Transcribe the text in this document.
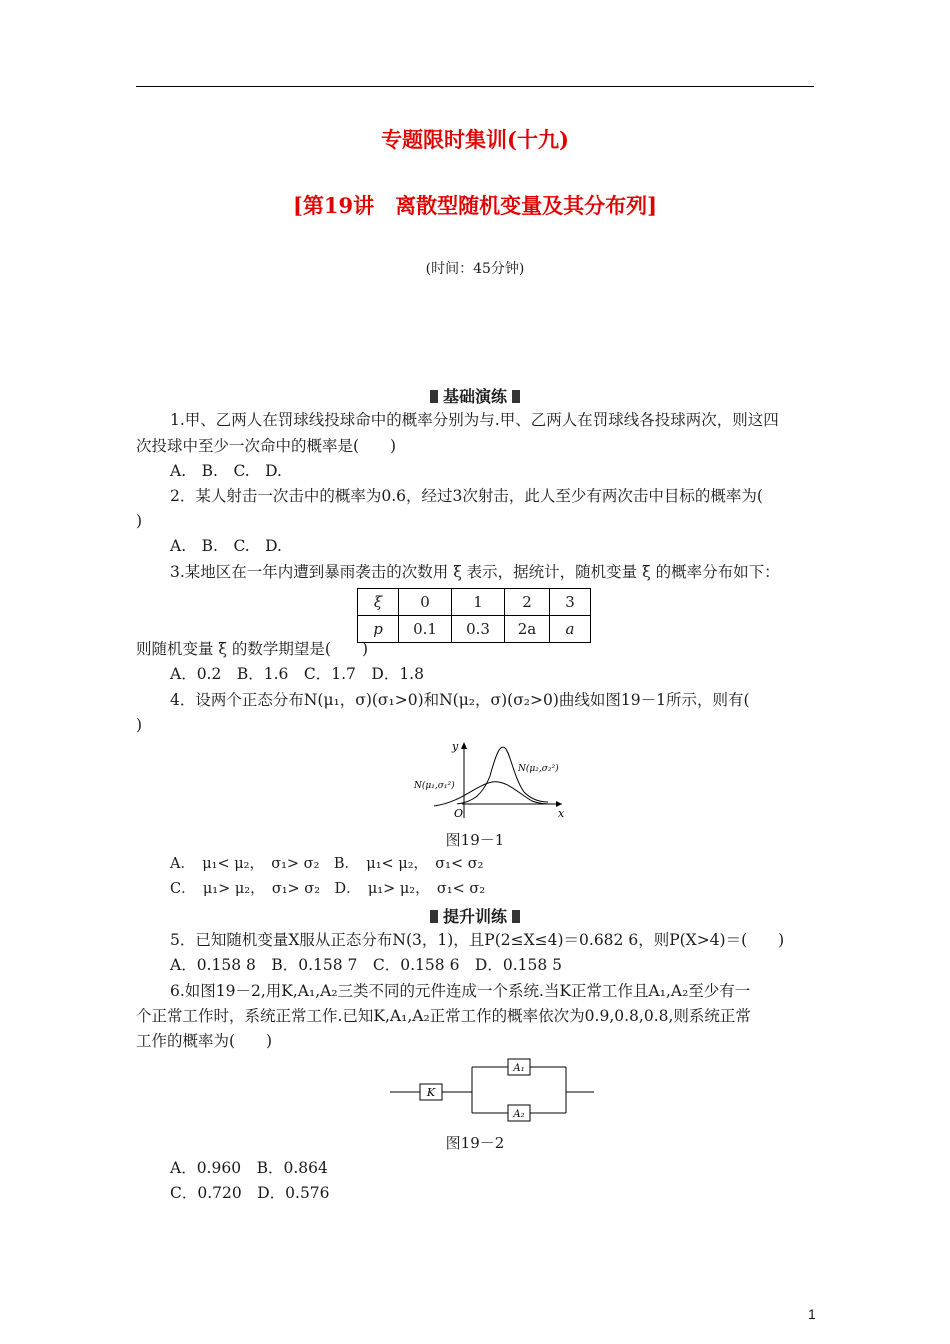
专题限时集训(十九)
[第19讲　离散型随机变量及其分布列]
(时间：45分钟)
基础演练
1.甲、乙两人在罚球线投球命中的概率分别为与.甲、乙两人在罚球线各投球两次，则这四
次投球中至少一次命中的概率是(　　)
A.　B.　C.　D.
2．某人射击一次击中的概率为0.6，经过3次射击，此人至少有两次击中目标的概率为(
)
A.　B.　C.　D.
3.某地区在一年内遭到暴雨袭击的次数用 ξ 表示，据统计，随机变量 ξ 的概率分布如下：
ξ	0	1	2	3
p	0.1	0.3	2a	a
则随机变量 ξ 的数学期望是(　　)
A．0.2　B．1.6　C．1.7　D．1.8
4．设两个正态分布N(μ₁，σ)(σ₁>0)和N(μ₂，σ)(σ₂>0)曲线如图19－1所示，则有(
)
y
x
O
N(μ₁,σ₁²)
N(μ₂,σ₂²)
图19－1
A．　μ₁< μ₂，　σ₁> σ₂　B．　μ₁< μ₂，　σ₁< σ₂
C．　μ₁> μ₂，　σ₁> σ₂　D．　μ₁> μ₂，　σ₁< σ₂
提升训练
5．已知随机变量X服从正态分布N(3，1)，且P(2≤X≤4)＝0.682 6，则P(X>4)＝(　　)
A．0.158 8　B．0.158 7　C．0.158 6　D．0.158 5
6.如图19－2,用K,A₁,A₂三类不同的元件连成一个系统.当K正常工作且A₁,A₂至少有一
个正常工作时，系统正常工作.已知K,A₁,A₂正常工作的概率依次为0.9,0.8,0.8,则系统正常
工作的概率为(　　)
K
A₁
A₂
图19－2
A．0.960　B．0.864
C．0.720　D．0.576
1
